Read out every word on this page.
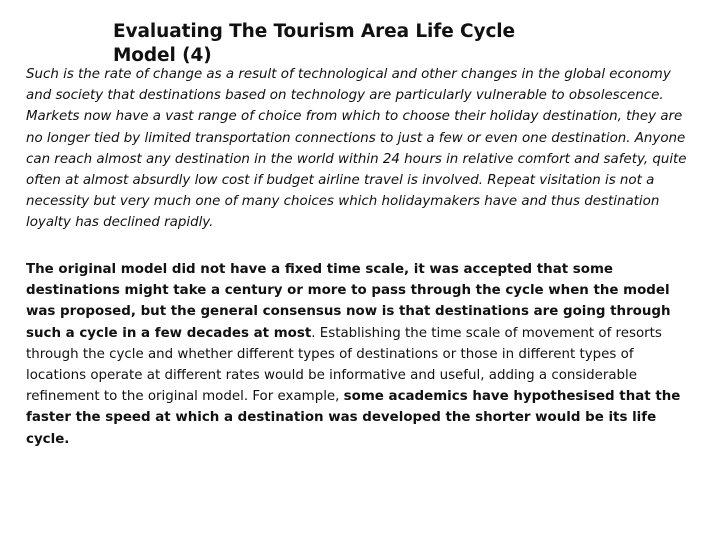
Evaluating The Tourism Area Life Cycle Model (4)

Such is the rate of change as a result of technological and other changes in the global economy and society that destinations based on technology are particularly vulnerable to obsolescence. Markets now have a vast range of choice from which to choose their holiday destination, they are no longer tied by limited transportation connections to just a few or even one destination. Anyone can reach almost any destination in the world within 24 hours in relative comfort and safety, quite often at almost absurdly low cost if budget airline travel is involved. Repeat visitation is not a necessity but very much one of many choices which holidaymakers have and thus destination loyalty has declined rapidly.

The original model did not have a fixed time scale, it was accepted that some destinations might take a century or more to pass through the cycle when the model was proposed, but the general consensus now is that destinations are going through such a cycle in a few decades at most. Establishing the time scale of movement of resorts through the cycle and whether different types of destinations or those in different types of locations operate at different rates would be informative and useful, adding a considerable refinement to the original model. For example, some academics have hypothesised that the faster the speed at which a destination was developed the shorter would be its life cycle.
